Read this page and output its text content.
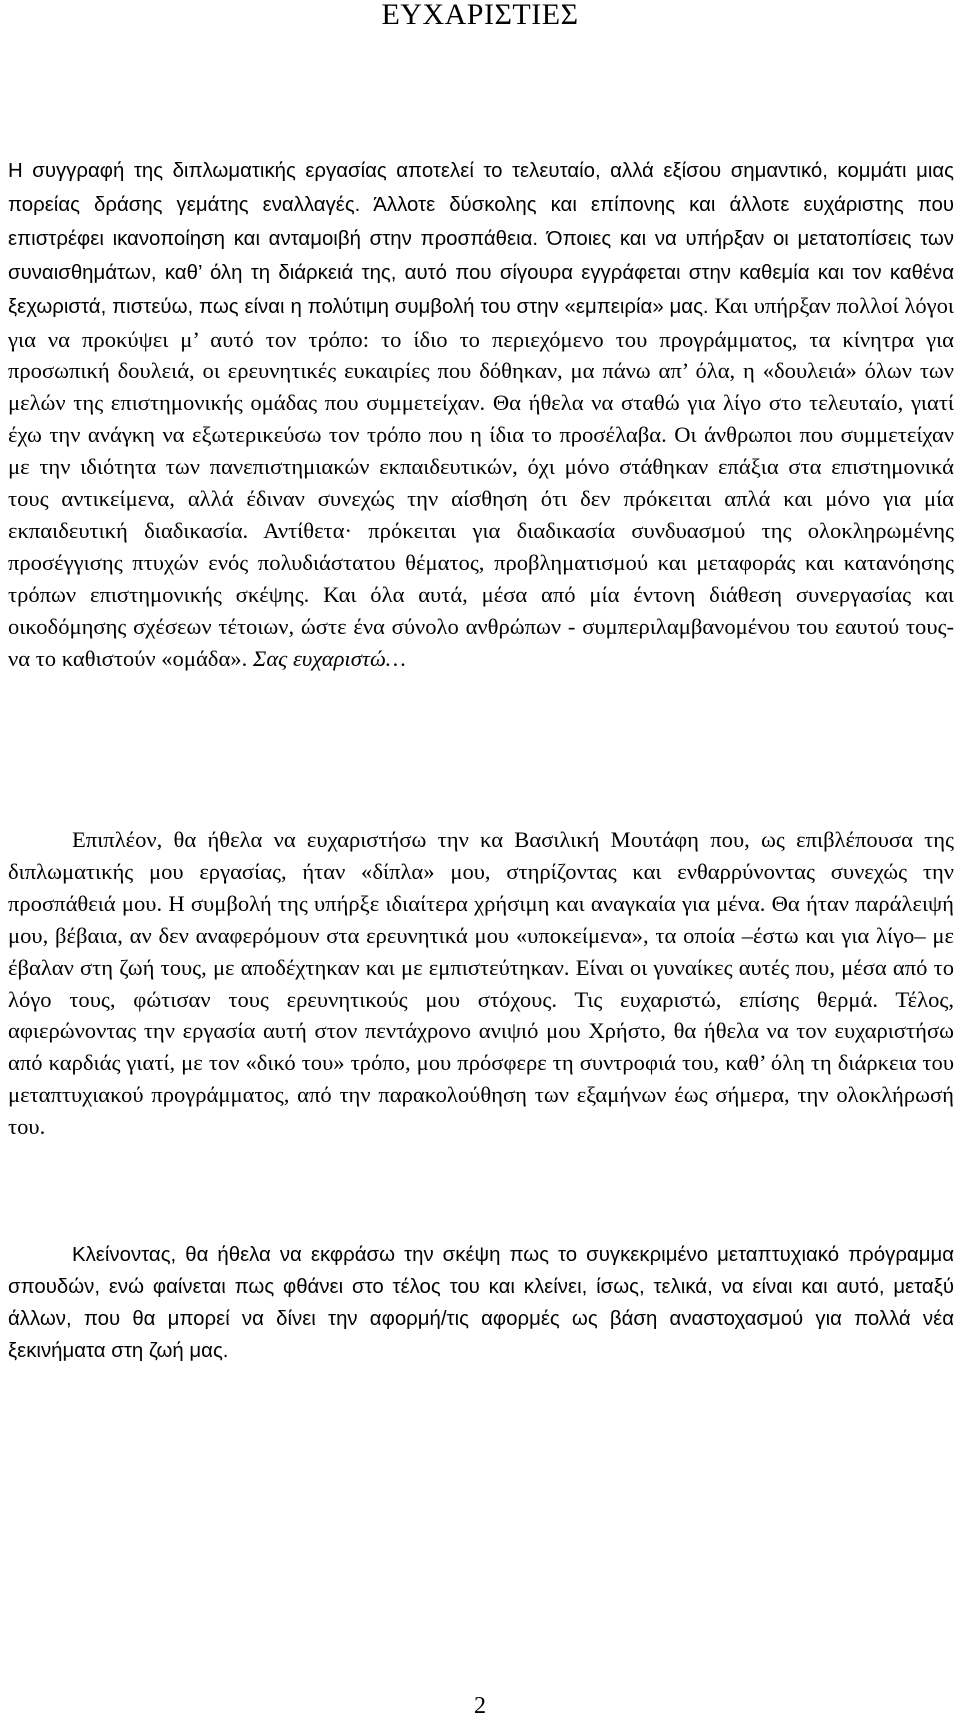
ΕΥΧΑΡΙΣΤΙΕΣ

Η συγγραφή της διπλωματικής εργασίας αποτελεί το τελευταίο, αλλά εξίσου σημαντικό, κομμάτι μιας πορείας δράσης γεμάτης εναλλαγές. Άλλοτε δύσκολης και επίπονης και άλλοτε ευχάριστης που επιστρέφει ικανοποίηση και ανταμοιβή στην προσπάθεια. Όποιες και να υπήρξαν οι μετατοπίσεις των συναισθημάτων, καθ’ όλη τη διάρκειά της, αυτό που σίγουρα εγγράφεται στην καθεμία και τον καθένα ξεχωριστά, πιστεύω, πως είναι η πολύτιμη συμβολή του στην «εμπειρία» μας. Και υπήρξαν πολλοί λόγοι για να προκύψει μ’ αυτό τον τρόπο: το ίδιο το περιεχόμενο του προγράμματος, τα κίνητρα για προσωπική δουλειά, οι ερευνητικές ευκαιρίες που δόθηκαν, μα πάνω απ’ όλα, η «δουλειά» όλων των μελών της επιστημονικής ομάδας που συμμετείχαν. Θα ήθελα να σταθώ για λίγο στο τελευταίο, γιατί έχω την ανάγκη να εξωτερικεύσω τον τρόπο που η ίδια το προσέλαβα. Οι άνθρωποι που συμμετείχαν με την ιδιότητα των πανεπιστημιακών εκπαιδευτικών, όχι μόνο στάθηκαν επάξια στα επιστημονικά τους αντικείμενα, αλλά έδιναν συνεχώς την αίσθηση ότι δεν πρόκειται απλά και μόνο για μία εκπαιδευτική διαδικασία. Αντίθετα· πρόκειται για διαδικασία συνδυασμού της ολοκληρωμένης προσέγγισης πτυχών ενός πολυδιάστατου θέματος, προβληματισμού και μεταφοράς και κατανόησης τρόπων επιστημονικής σκέψης. Και όλα αυτά, μέσα από μία έντονη διάθεση συνεργασίας και οικοδόμησης σχέσεων τέτοιων, ώστε ένα σύνολο ανθρώπων - συμπεριλαμβανομένου του εαυτού τους- να το καθιστούν «ομάδα». Σας ευχαριστώ…

Επιπλέον, θα ήθελα να ευχαριστήσω την κα Βασιλική Μουτάφη που, ως επιβλέπουσα της διπλωματικής μου εργασίας, ήταν «δίπλα» μου, στηρίζοντας και ενθαρρύνοντας συνεχώς την προσπάθειά μου. Η συμβολή της υπήρξε ιδιαίτερα χρήσιμη και αναγκαία για μένα. Θα ήταν παράλειψή μου, βέβαια, αν δεν αναφερόμουν στα ερευνητικά μου «υποκείμενα», τα οποία –έστω και για λίγο– με έβαλαν στη ζωή τους, με αποδέχτηκαν και με εμπιστεύτηκαν. Είναι οι γυναίκες αυτές που, μέσα από το λόγο τους, φώτισαν τους ερευνητικούς μου στόχους. Τις ευχαριστώ, επίσης θερμά. Τέλος, αφιερώνοντας την εργασία αυτή στον πεντάχρονο ανιψιό μου Χρήστο, θα ήθελα να τον ευχαριστήσω από καρδιάς γιατί, με τον «δικό του» τρόπο, μου πρόσφερε τη συντροφιά του, καθ’ όλη τη διάρκεια του μεταπτυχιακού προγράμματος, από την παρακολούθηση των εξαμήνων έως σήμερα, την ολοκλήρωσή του.

Κλείνοντας, θα ήθελα να εκφράσω την σκέψη πως το συγκεκριμένο μεταπτυχιακό πρόγραμμα σπουδών, ενώ φαίνεται πως φθάνει στο τέλος του και κλείνει, ίσως, τελικά, να είναι και αυτό, μεταξύ άλλων, που θα μπορεί να δίνει την αφορμή/τις αφορμές ως βάση αναστοχασμού για πολλά νέα ξεκινήματα στη ζωή μας.

2
